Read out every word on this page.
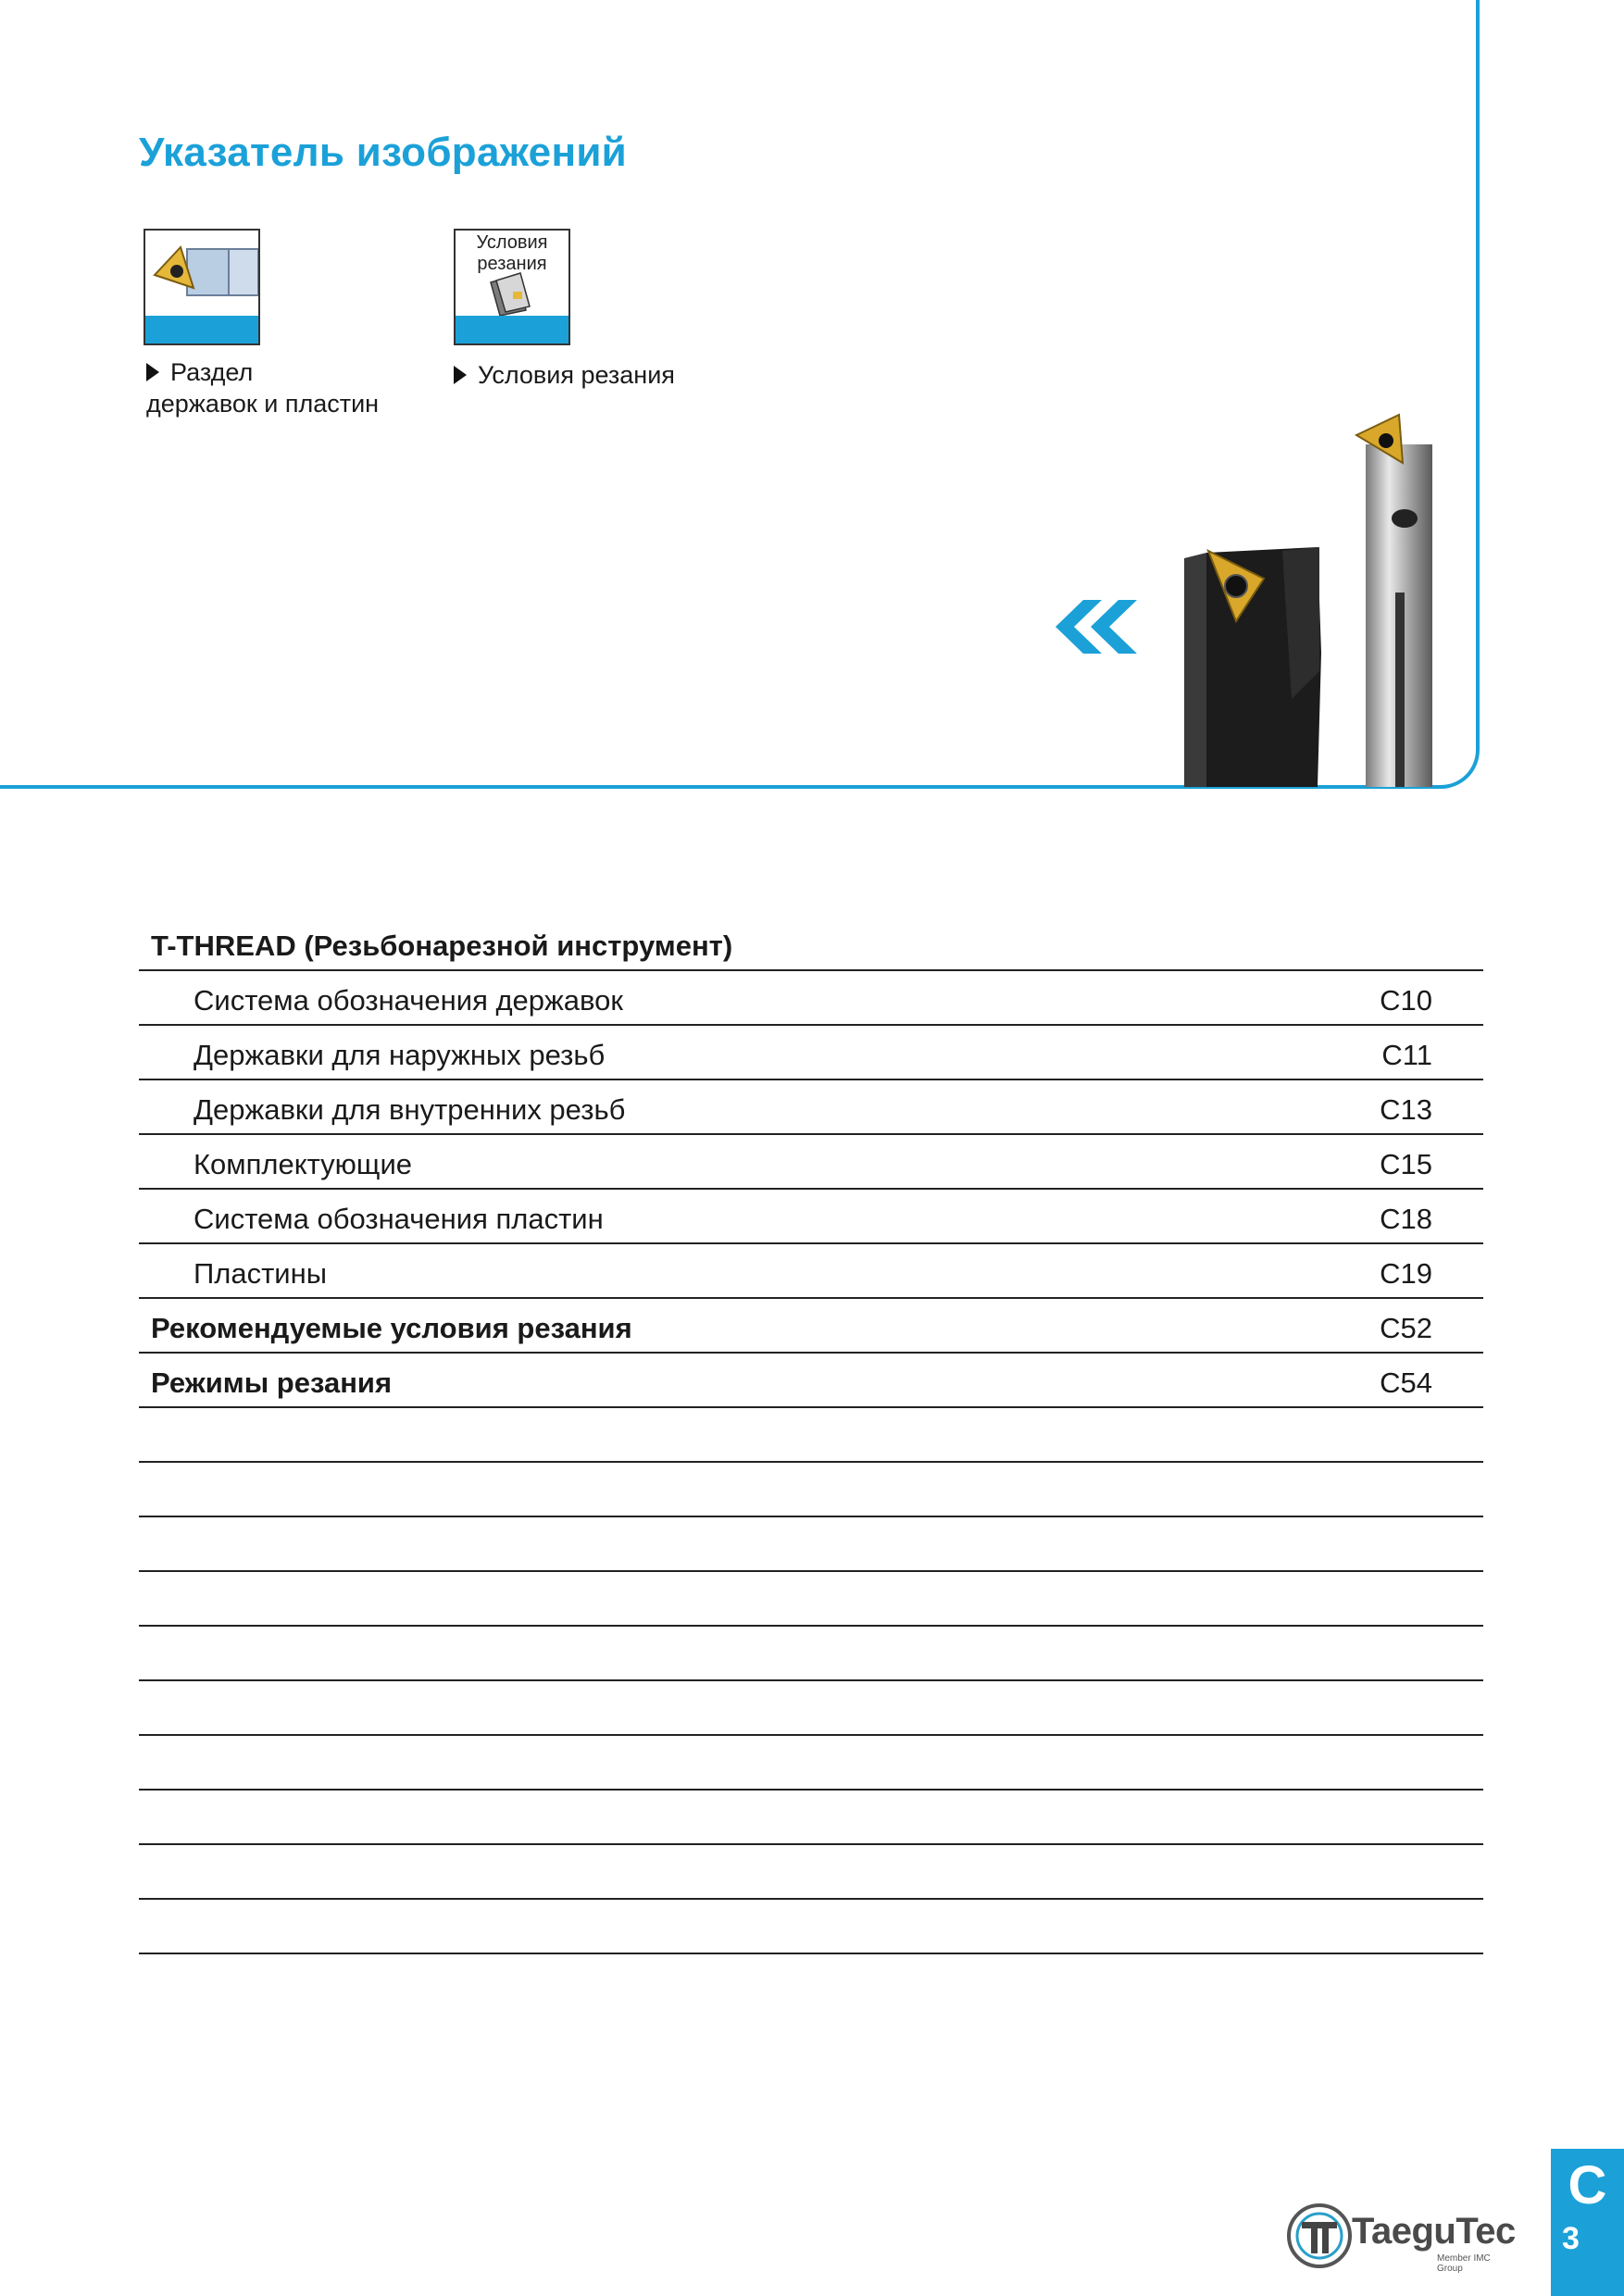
Указатель изображений
Раздел
державок и пластин
Условия
резания
Условия резания
T-THREAD (Резьбонарезной инструмент)
Система обозначения державок	C10
Державки для наружных резьб	C11
Державки для внутренних резьб	C13
Комплектующие	C15
Система обозначения пластин	C18
Пластины	C19
Рекомендуемые условия резания	C52
Режимы резания	C54
TaeguTec
Member IMC Group
C
3
